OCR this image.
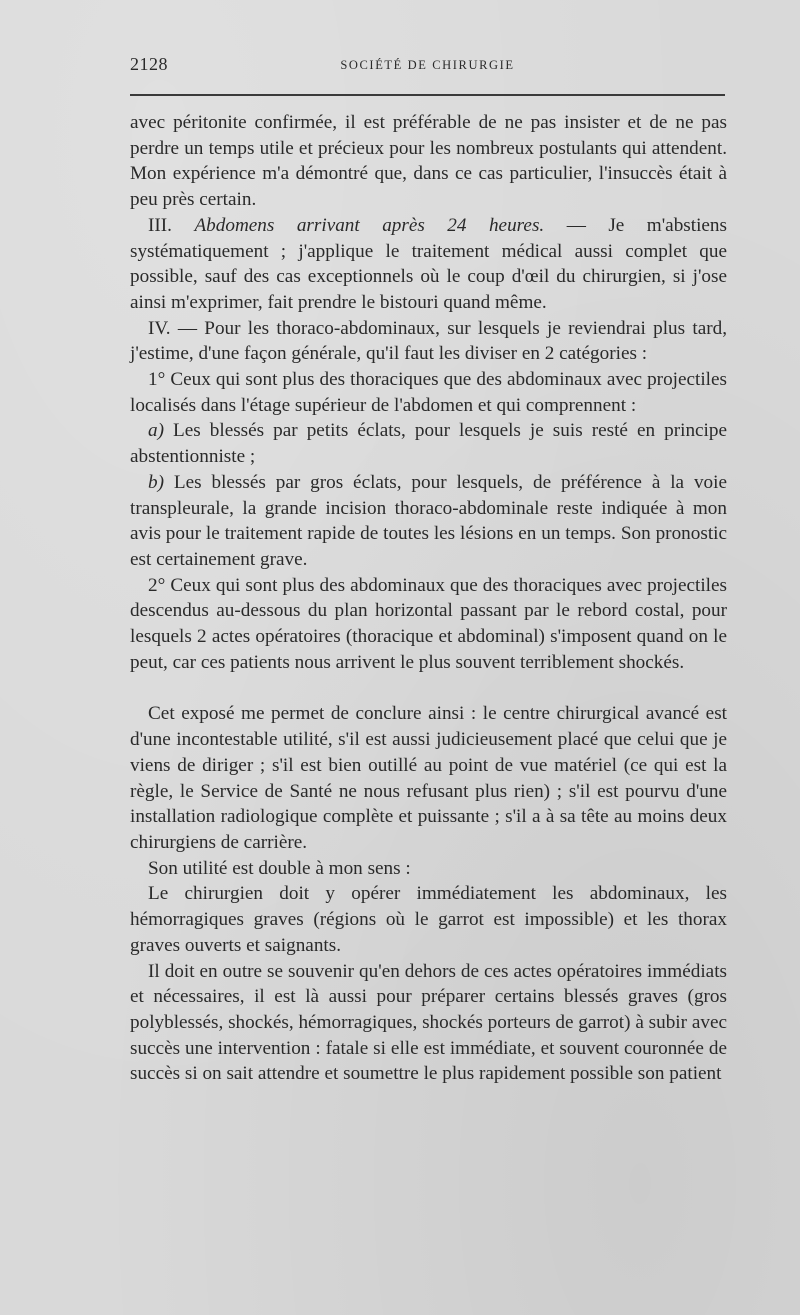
2128	SOCIÉTÉ DE CHIRURGIE

avec péritonite confirmée, il est préférable de ne pas insister et de ne pas perdre un temps utile et précieux pour les nombreux postulants qui attendent. Mon expérience m'a démontré que, dans ce cas particulier, l'insuccès était à peu près certain.

III. Abdomens arrivant après 24 heures. — Je m'abstiens systématiquement ; j'applique le traitement médical aussi complet que possible, sauf des cas exceptionnels où le coup d'œil du chirurgien, si j'ose ainsi m'exprimer, fait prendre le bistouri quand même.

IV. — Pour les thoraco-abdominaux, sur lesquels je reviendrai plus tard, j'estime, d'une façon générale, qu'il faut les diviser en 2 catégories :

1° Ceux qui sont plus des thoraciques que des abdominaux avec projectiles localisés dans l'étage supérieur de l'abdomen et qui comprennent :

a) Les blessés par petits éclats, pour lesquels je suis resté en principe abstentionniste ;

b) Les blessés par gros éclats, pour lesquels, de préférence à la voie transpleurale, la grande incision thoraco-abdominale reste indiquée à mon avis pour le traitement rapide de toutes les lésions en un temps. Son pronostic est certainement grave.

2° Ceux qui sont plus des abdominaux que des thoraciques avec projectiles descendus au-dessous du plan horizontal passant par le rebord costal, pour lesquels 2 actes opératoires (thoracique et abdominal) s'imposent quand on le peut, car ces patients nous arrivent le plus souvent terriblement shockés.

Cet exposé me permet de conclure ainsi : le centre chirurgical avancé est d'une incontestable utilité, s'il est aussi judicieusement placé que celui que je viens de diriger ; s'il est bien outillé au point de vue matériel (ce qui est la règle, le Service de Santé ne nous refusant plus rien) ; s'il est pourvu d'une installation radiologique complète et puissante ; s'il a à sa tête au moins deux chirurgiens de carrière.

Son utilité est double à mon sens :

Le chirurgien doit y opérer immédiatement les abdominaux, les hémorragiques graves (régions où le garrot est impossible) et les thorax graves ouverts et saignants.

Il doit en outre se souvenir qu'en dehors de ces actes opératoires immédiats et nécessaires, il est là aussi pour préparer certains blessés graves (gros polyblessés, shockés, hémorragiques, shockés porteurs de garrot) à subir avec succès une intervention : fatale si elle est immédiate, et souvent couronnée de succès si on sait attendre et soumettre le plus rapidement possible son patient
